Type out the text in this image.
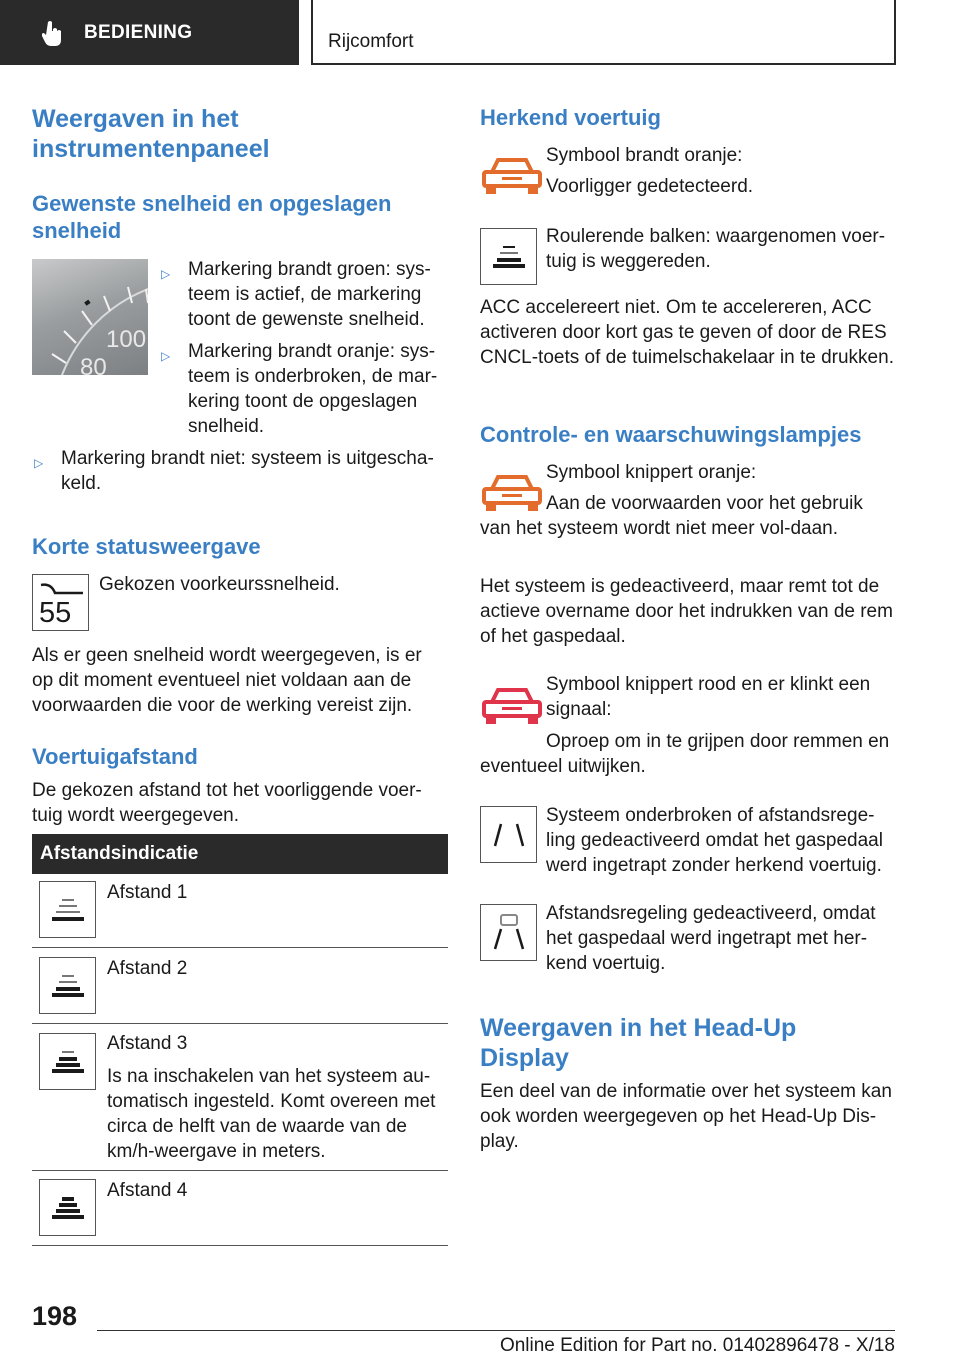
BEDIENING	Rijcomfort
Weergaven in het instrumentenpaneel
Gewenste snelheid en opgeslagen snelheid
100
80
▷ Markering brandt groen: sys‐teem is actief, de markering toont de gewenste snelheid.
▷ Markering brandt oranje: sys‐teem is onderbroken, de mar‐kering toont de opgeslagen snelheid.
▷ Markering brandt niet: systeem is uitgescha‐keld.
Korte statusweergave
55
Gekozen voorkeurssnelheid.
Als er geen snelheid wordt weergegeven, is er op dit moment eventueel niet voldaan aan de voorwaarden die voor de werking vereist zijn.
Voertuigafstand
De gekozen afstand tot het voorliggende voer‐tuig wordt weergegeven.
Afstandsindicatie
Afstand 1
Afstand 2
Afstand 3
Is na inschakelen van het systeem au‐tomatisch ingesteld. Komt overeen met circa de helft van de waarde van de km/h-weergave in meters.
Afstand 4
Herkend voertuig
Symbool brandt oranje:
Voorligger gedetecteerd.
Roulerende balken: waargenomen voer‐tuig is weggereden.
ACC accelereert niet. Om te accelereren, ACC activeren door kort gas te geven of door de RES CNCL-toets of de tuimelschakelaar in te drukken.
Controle- en waarschuwingslampjes
Symbool knippert oranje:
Aan de voorwaarden voor het gebruik van het systeem wordt niet meer vol‐daan.
Het systeem is gedeactiveerd, maar remt tot de actieve overname door het indrukken van de rem of het gaspedaal.
Symbool knippert rood en er klinkt een signaal:
Oproep om in te grijpen door remmen en eventueel uitwijken.
Systeem onderbroken of afstandsrege‐ling gedeactiveerd omdat het gaspedaal werd ingetrapt zonder herkend voertuig.
Afstandsregeling gedeactiveerd, omdat het gaspedaal werd ingetrapt met her‐kend voertuig.
Weergaven in het Head-Up Display
Een deel van de informatie over het systeem kan ook worden weergegeven op het Head-Up Dis‐play.
198
Online Edition for Part no. 01402896478 - X/18
